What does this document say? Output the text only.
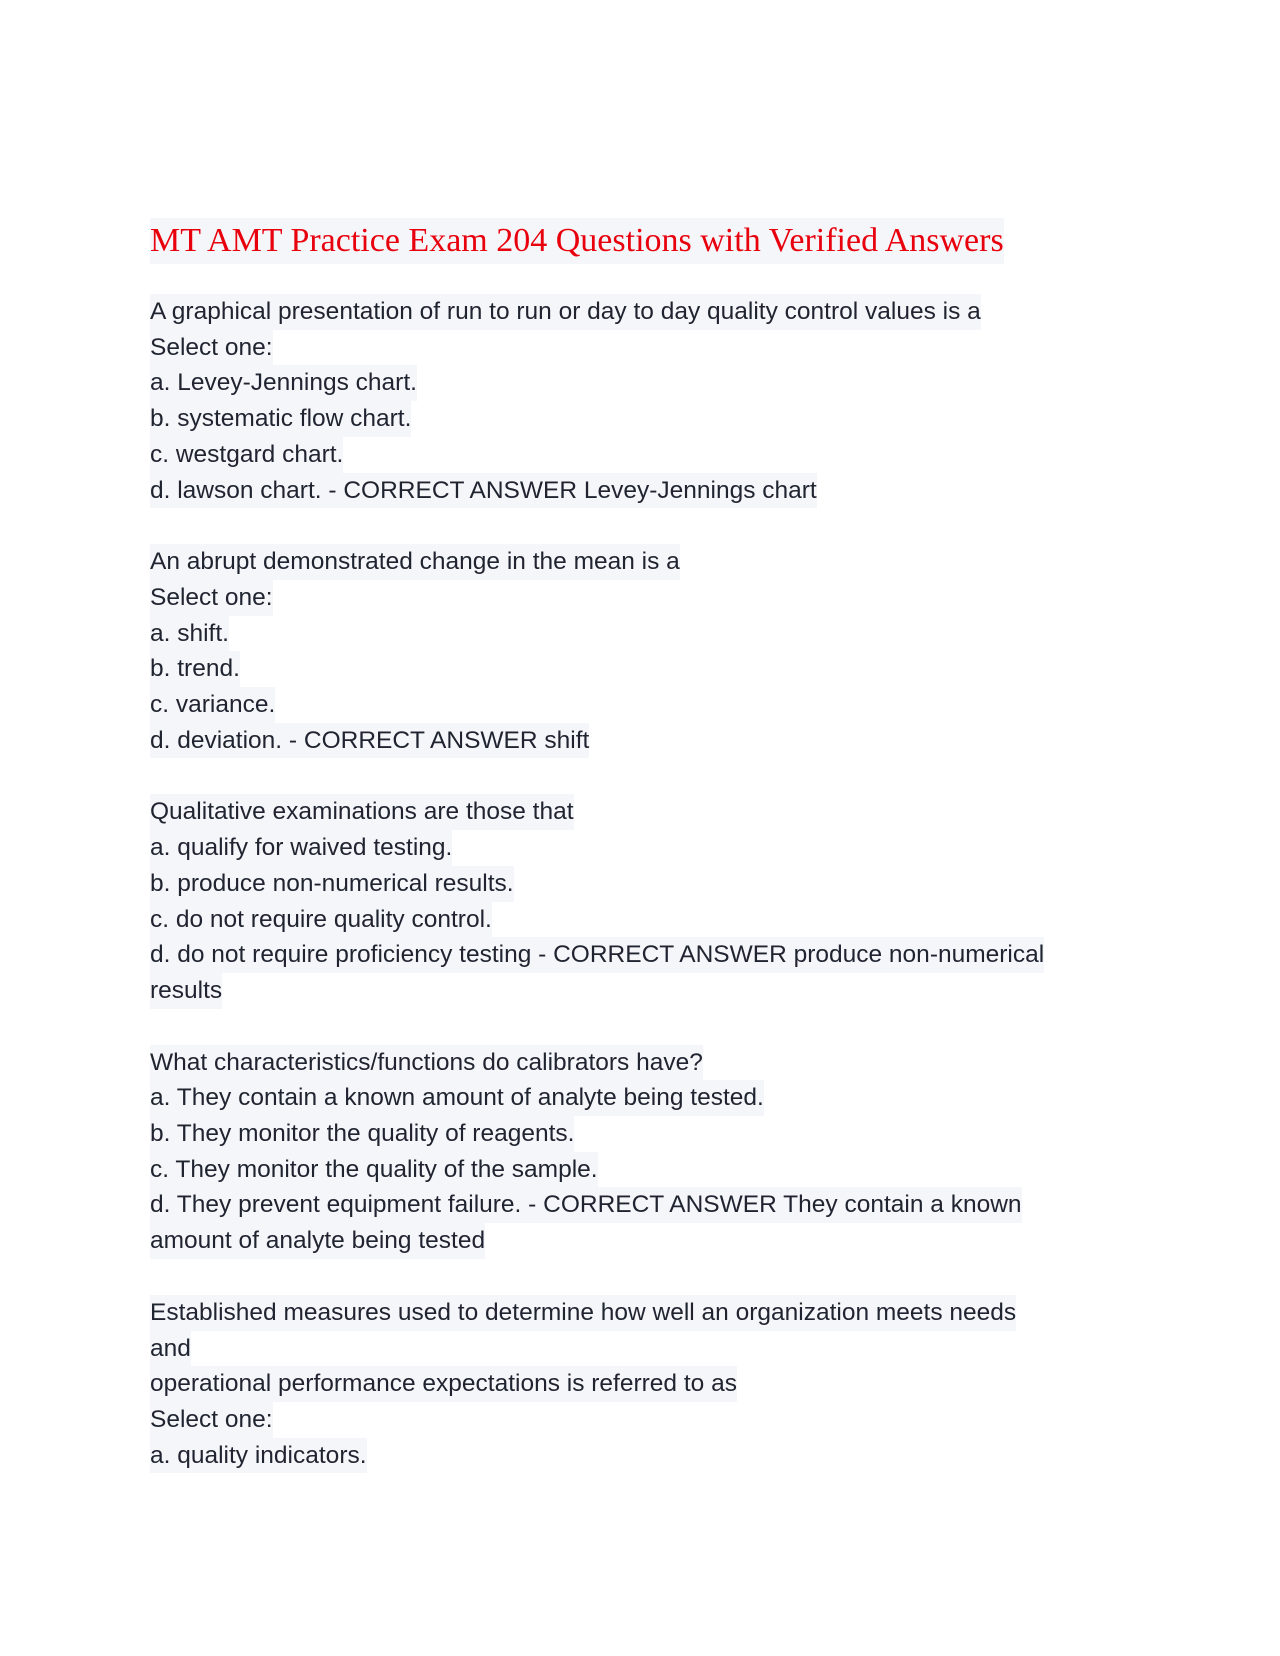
MT AMT Practice Exam 204 Questions with Verified Answers
A graphical presentation of run to run or day to day quality control values is a
Select one:
a. Levey-Jennings chart.
b. systematic flow chart.
c. westgard chart.
d. lawson chart. - CORRECT ANSWER Levey-Jennings chart
An abrupt demonstrated change in the mean is a
Select one:
a. shift.
b. trend.
c. variance.
d. deviation. - CORRECT ANSWER shift
Qualitative examinations are those that
a. qualify for waived testing.
b. produce non-numerical results.
c. do not require quality control.
d. do not require proficiency testing - CORRECT ANSWER produce non-numerical
results
What characteristics/functions do calibrators have?
a. They contain a known amount of analyte being tested.
b. They monitor the quality of reagents.
c. They monitor the quality of the sample.
d. They prevent equipment failure. - CORRECT ANSWER They contain a known
amount of analyte being tested
Established measures used to determine how well an organization meets needs
and
operational performance expectations is referred to as
Select one:
a. quality indicators.
